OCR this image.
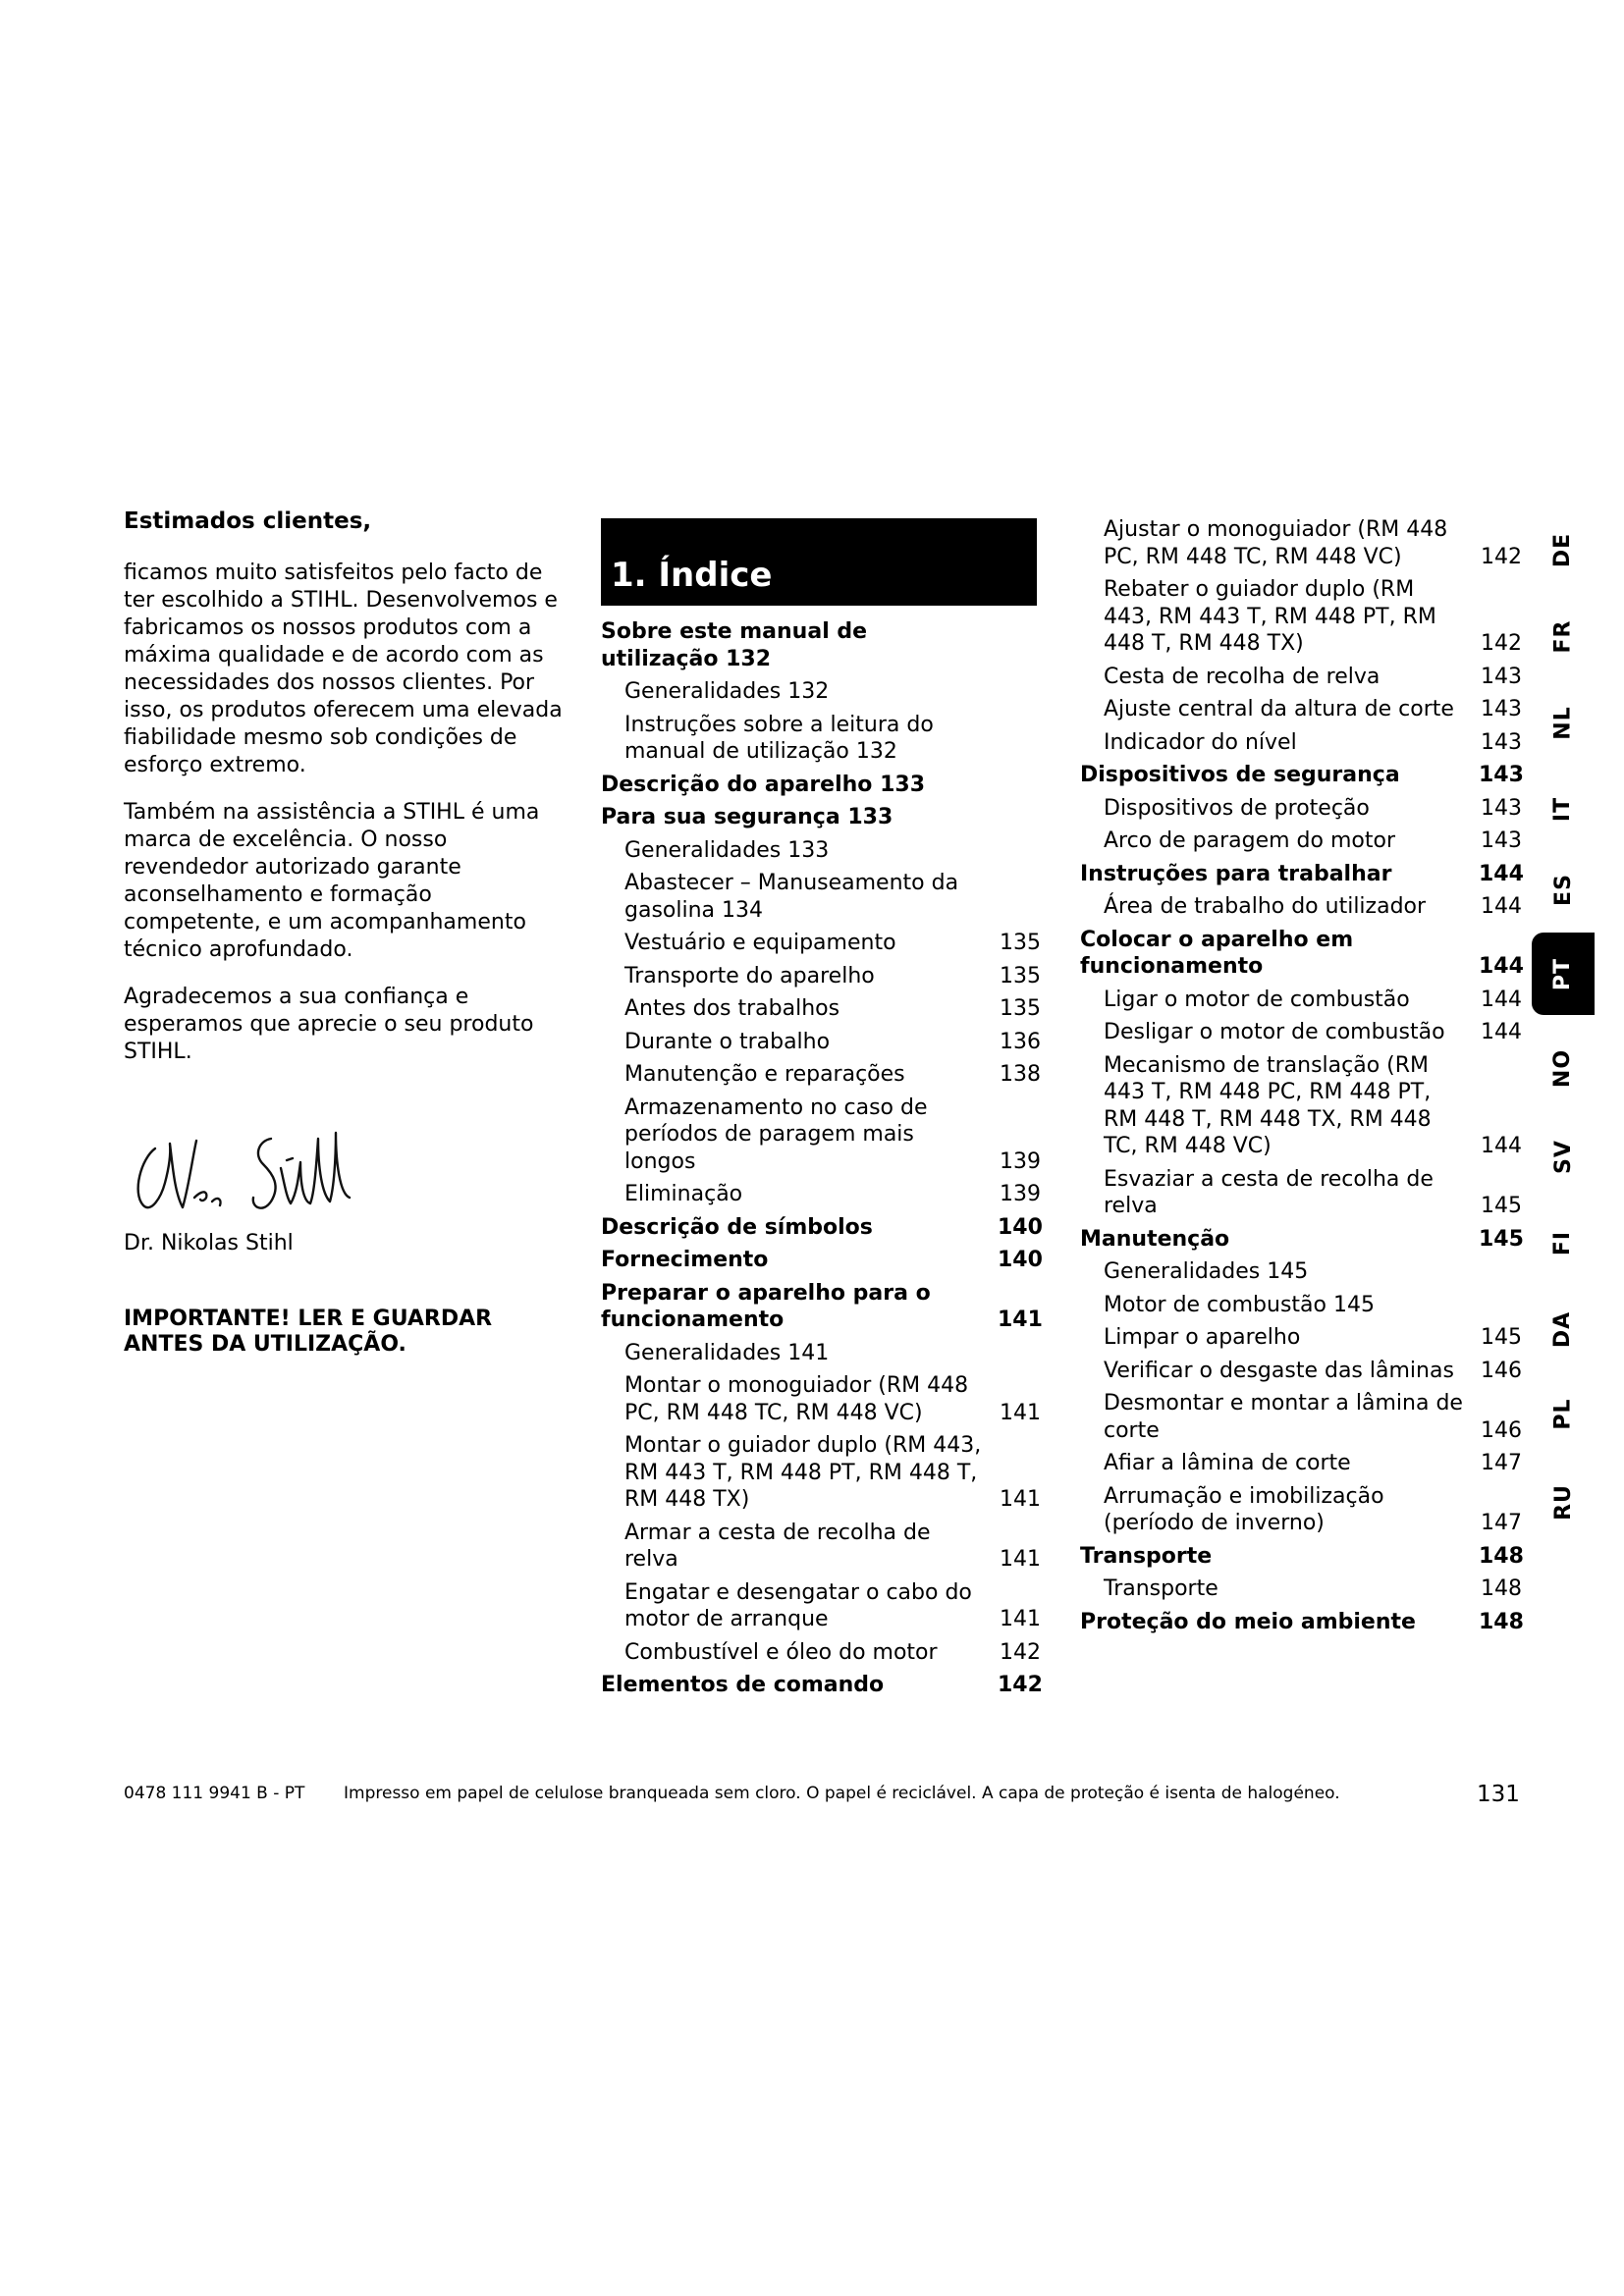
Estimados clientes,

ficamos muito satisfeitos pelo facto de ter escolhido a STIHL. Desenvolvemos e fabricamos os nossos produtos com a máxima qualidade e de acordo com as necessidades dos nossos clientes. Por isso, os produtos oferecem uma elevada fiabilidade mesmo sob condições de esforço extremo.

Também na assistência a STIHL é uma marca de excelência. O nosso revendedor autorizado garante aconselhamento e formação competente, e um acompanhamento técnico aprofundado.

Agradecemos a sua confiança e esperamos que aprecie o seu produto STIHL.

Dr. Nikolas Stihl
IMPORTANTE! LER E GUARDAR ANTES DA UTILIZAÇÃO.
1. Índice
Sobre este manual de utilização 132
Generalidades 132
Instruções sobre a leitura do manual de utilização 132
Descrição do aparelho 133
Para sua segurança 133
Generalidades 133
Abastecer – Manuseamento da gasolina 134
Vestuário e equipamento	135
Transporte do aparelho	135
Antes dos trabalhos	135
Durante o trabalho	136
Manutenção e reparações	138
Armazenamento no caso de períodos de paragem mais longos	139
Eliminação	139
Descrição de símbolos	140
Fornecimento	140
Preparar o aparelho para o funcionamento	141
Generalidades 141
Montar o monoguiador (RM 448 PC, RM 448 TC, RM 448 VC)	141
Montar o guiador duplo (RM 443, RM 443 T, RM 448 PT, RM 448 T, RM 448 TX)	141
Armar a cesta de recolha de relva	141
Engatar e desengatar o cabo do motor de arranque	141
Combustível e óleo do motor	142
Elementos de comando	142
Ajustar o monoguiador (RM 448 PC, RM 448 TC, RM 448 VC)	142
Rebater o guiador duplo (RM 443, RM 443 T, RM 448 PT, RM 448 T, RM 448 TX)	142
Cesta de recolha de relva	143
Ajuste central da altura de corte	143
Indicador do nível	143
Dispositivos de segurança	143
Dispositivos de proteção	143
Arco de paragem do motor	143
Instruções para trabalhar	144
Área de trabalho do utilizador	144
Colocar o aparelho em funcionamento	144
Ligar o motor de combustão	144
Desligar o motor de combustão	144
Mecanismo de translação (RM 443 T, RM 448 PC, RM 448 PT, RM 448 T, RM 448 TX, RM 448 TC, RM 448 VC)	144
Esvaziar a cesta de recolha de relva	145
Manutenção	145
Generalidades 145
Motor de combustão 145
Limpar o aparelho	145
Verificar o desgaste das lâminas	146
Desmontar e montar a lâmina de corte	146
Afiar a lâmina de corte	147
Arrumação e imobilização (período de inverno)	147
Transporte	148
Transporte	148
Proteção do meio ambiente	148
DE
FR
NL
IT
ES
PT
NO
SV
FI
DA
PL
RU
0478 111 9941 B - PT Impresso em papel de celulose branqueada sem cloro. O papel é reciclável. A capa de proteção é isenta de halogéneo.	131
